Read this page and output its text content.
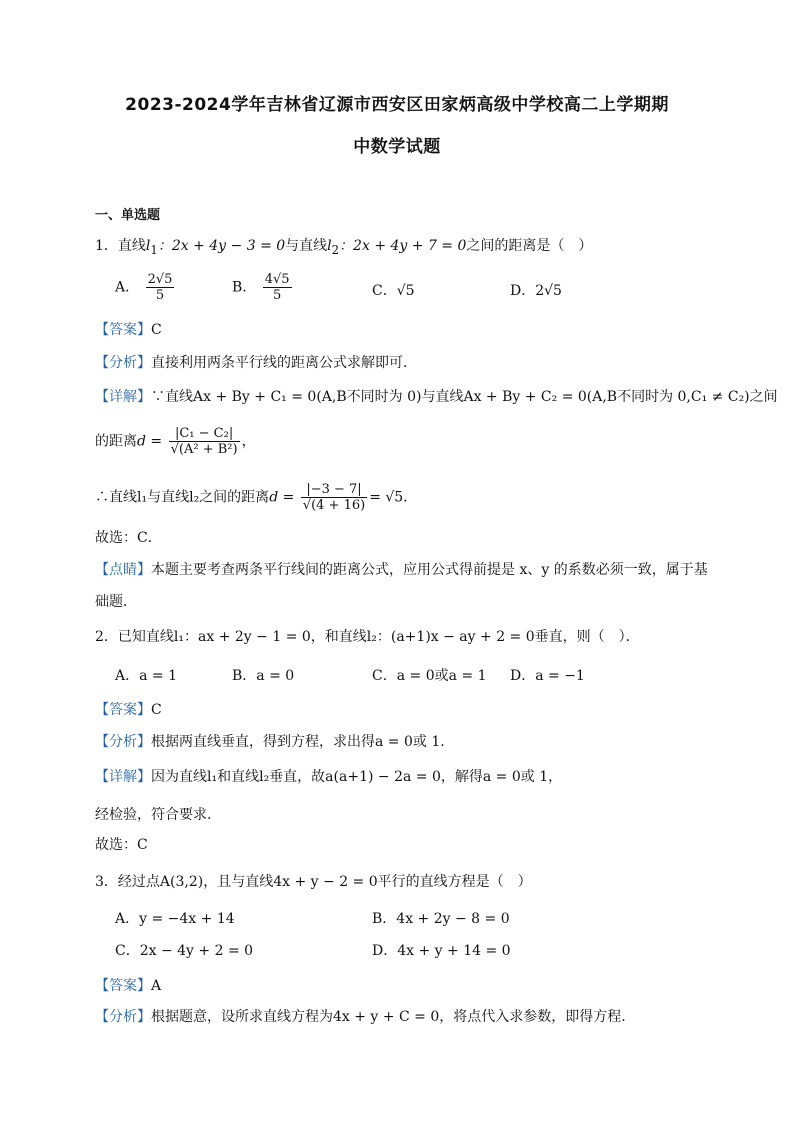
2023-2024学年吉林省辽源市西安区田家炳高级中学校高二上学期期
中数学试题
一、单选题
1．直线$l_1$：2x + 4y − 3 = 0与直线$l_2$：2x + 4y + 7 = 0之间的距离是（　）
A． $\frac{2√5}{5}$	B． $\frac{4√5}{5}$	C．√5	D．2√5
【答案】C
【分析】直接利用两条平行线的距离公式求解即可．
【详解】∵直线Ax + By + C₁ = 0(A,B不同时为 0)与直线Ax + By + C₂ = 0(A,B不同时为 0,C₁ ≠ C₂)之间
的距离$d = \frac{\text{|C₁ − C₂|}}{\text{√(A² + B²)}}$ ，
∴直线l₁与直线l₂之间的距离$d = \frac{|-3 - 7|}{√(4 + 16)} = √5$．
故选：C．
【点睛】本题主要考查两条平行线间的距离公式，应用公式得前提是 x、y 的系数必须一致，属于基
础题．
2．已知直线l₁：ax + 2y − 1 = 0，和直线l₂：(a+1)x − ay + 2 = 0垂直，则（　）．
A．a = 1	B．a = 0	C．a = 0或a = 1 D．a = −1
【答案】C
【分析】根据两直线垂直，得到方程，求出得a = 0或 1.
【详解】因为直线l₁和直线l₂垂直，故a(a+1) − 2a = 0，解得a = 0或 1，
经检验，符合要求.
故选：C
3．经过点A(3,2)，且与直线4x + y − 2 = 0平行的直线方程是（　）
A．y = −4x + 14	B．4x + 2y − 8 = 0
C．2x − 4y + 2 = 0	D．4x + y + 14 = 0
【答案】A
【分析】根据题意，设所求直线方程为4x + y + C = 0，将点代入求参数，即得方程.
